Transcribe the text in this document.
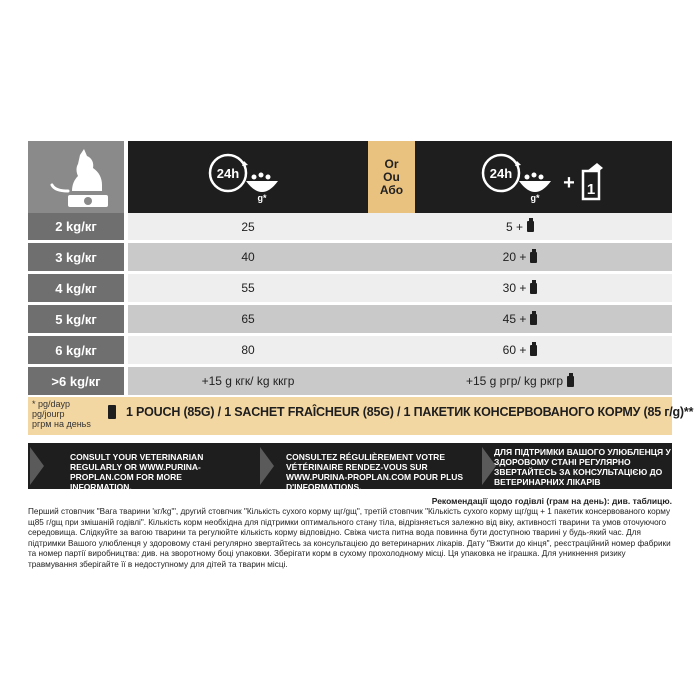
24h
g*
Or
Ou
Або
24h
g*
+ 1
2 kg/кг	25	5 +
3 kg/кг	40	20 +
4 kg/кг	55	30 +
5 kg/кг	65	45 +
6 kg/кг	80	60 +
>6 kg/кг	+15 g кгк/ kg ккгр	+15 g ргр/ kg ркгр
* pg/dayp
pg/jourp
ргрм на деньѕ
1 POUCH (85G) / 1 SACHET FRAÎCHEUR (85G) / 1 ПАКЕТИК КОНСЕРВОВАНОГО КОРМУ (85 г/g)**
CONSULT YOUR VETERINARIAN REGULARLY OR WWW.PURINA-PROPLAN.COM FOR MORE INFORMATION.
CONSULTEZ RÉGULIÈREMENT VOTRE VÉTÉRINAIRE RENDEZ-VOUS SUR WWW.PURINA-PROPLAN.COM POUR PLUS D'INFORMATIONS.
ДЛЯ ПІДТРИМКИ ВАШОГО УЛЮБЛЕНЦЯ У ЗДОРОВОМУ СТАНІ РЕГУЛЯРНО ЗВЕРТАЙТЕСЬ ЗА КОНСУЛЬТАЦІЄЮ ДО ВЕТЕРИНАРНИХ ЛІКАРІВ
Рекомендації щодо годівлі (грам на день): див. таблицю.
Перший стовпчик "Вага тварини 'кг/kg'", другий стовпчик "Кількість сухого корму щг/gщ", третій стовпчик "Кількість сухого корму щг/gщ + 1 пакетик консервованого корму щ85 г/gщ при змішаній годівлі". Кількість корм необхідна для підтримки оптимального стану тіла, відрізняється залежно від віку, активності тварини та умов оточуючого середовища. Слідкуйте за вагою тварини та регулюйте кількість корму відповідно. Свіжа чиста питна вода повинна бути доступною тварині у будь-який час. Для підтримки Вашого улюбленця у здоровому стані регулярно звертайтесь за консультацією до ветеринарних лікарів. Дату "Вжити до кінця", реєстраційний номер фабрики та номер партії виробництва: див. на зворотному боці упаковки. Зберігати корм в сухому прохолодному місці. Ця упаковка не іграшка. Для уникнення ризику травмування зберігайте її в недоступному для дітей та тварин місці.
